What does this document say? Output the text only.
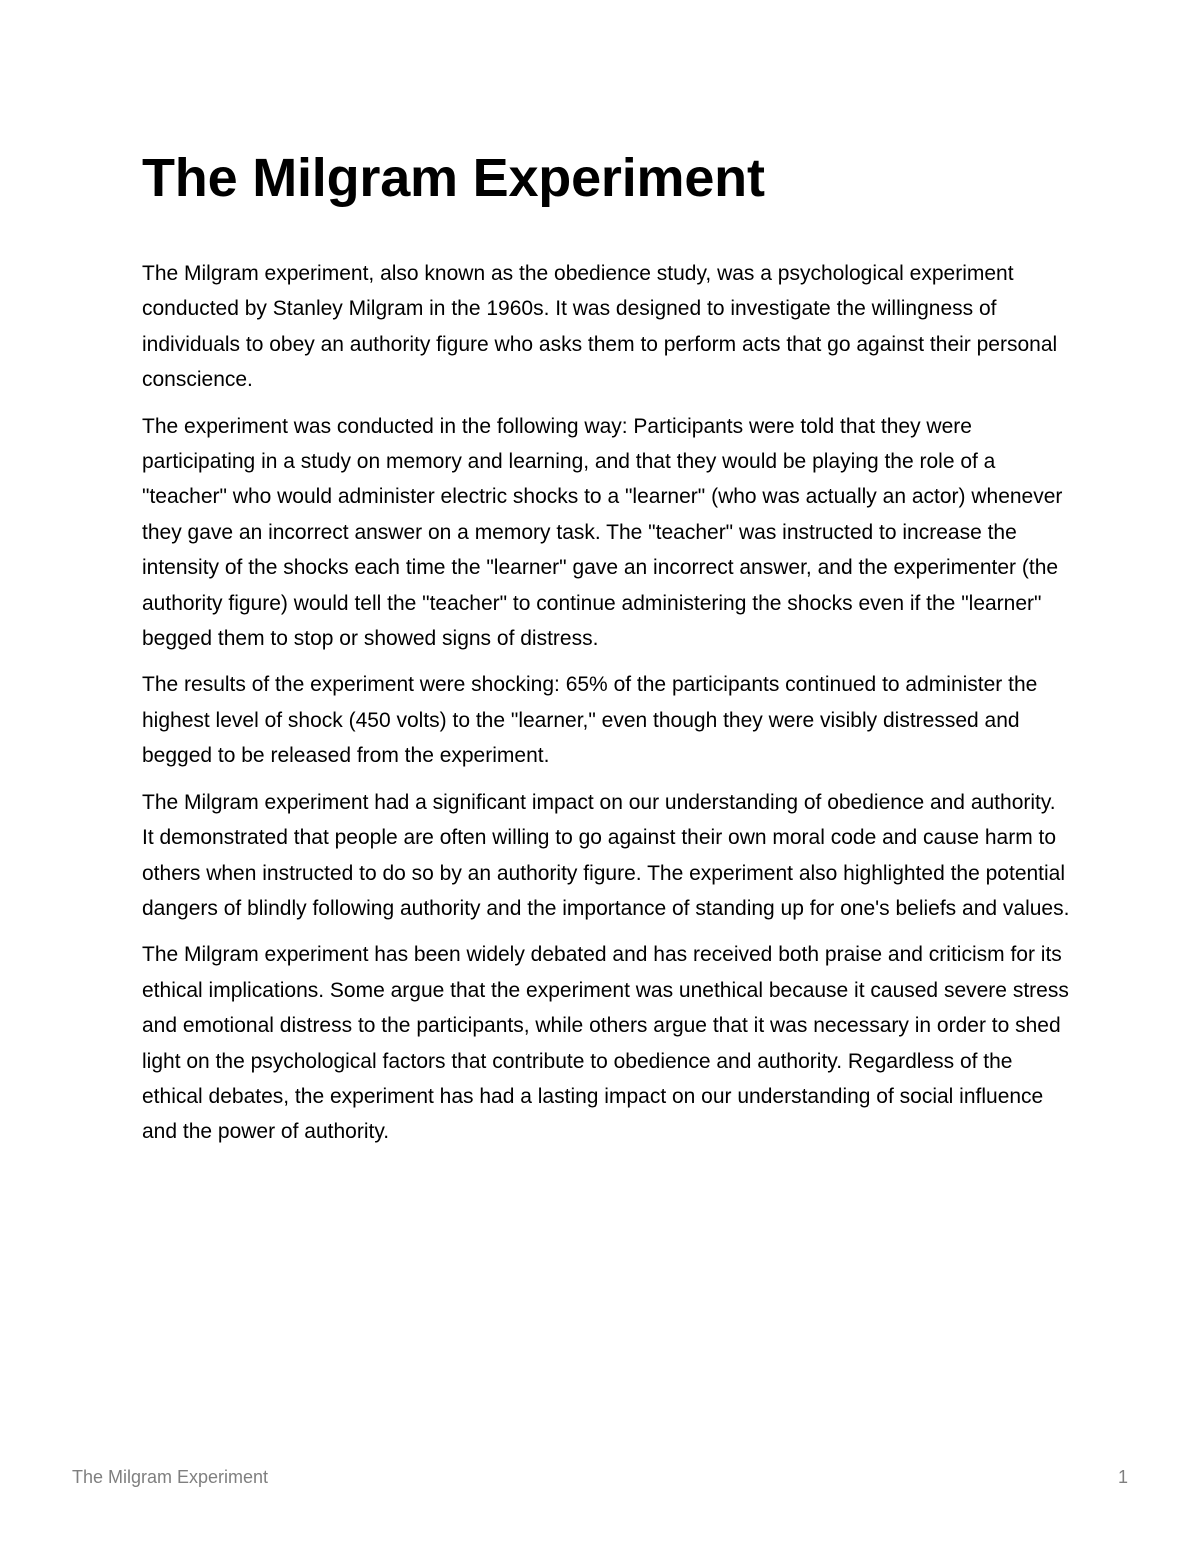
The Milgram Experiment

The Milgram experiment, also known as the obedience study, was a psychological experiment conducted by Stanley Milgram in the 1960s. It was designed to investigate the willingness of individuals to obey an authority figure who asks them to perform acts that go against their personal conscience.

The experiment was conducted in the following way: Participants were told that they were participating in a study on memory and learning, and that they would be playing the role of a "teacher" who would administer electric shocks to a "learner" (who was actually an actor) whenever they gave an incorrect answer on a memory task. The "teacher" was instructed to increase the intensity of the shocks each time the "learner" gave an incorrect answer, and the experimenter (the authority figure) would tell the "teacher" to continue administering the shocks even if the "learner" begged them to stop or showed signs of distress.

The results of the experiment were shocking: 65% of the participants continued to administer the highest level of shock (450 volts) to the "learner," even though they were visibly distressed and begged to be released from the experiment.

The Milgram experiment had a significant impact on our understanding of obedience and authority. It demonstrated that people are often willing to go against their own moral code and cause harm to others when instructed to do so by an authority figure. The experiment also highlighted the potential dangers of blindly following authority and the importance of standing up for one's beliefs and values.

The Milgram experiment has been widely debated and has received both praise and criticism for its ethical implications. Some argue that the experiment was unethical because it caused severe stress and emotional distress to the participants, while others argue that it was necessary in order to shed light on the psychological factors that contribute to obedience and authority. Regardless of the ethical debates, the experiment has had a lasting impact on our understanding of social influence and the power of authority.

The Milgram Experiment	1
